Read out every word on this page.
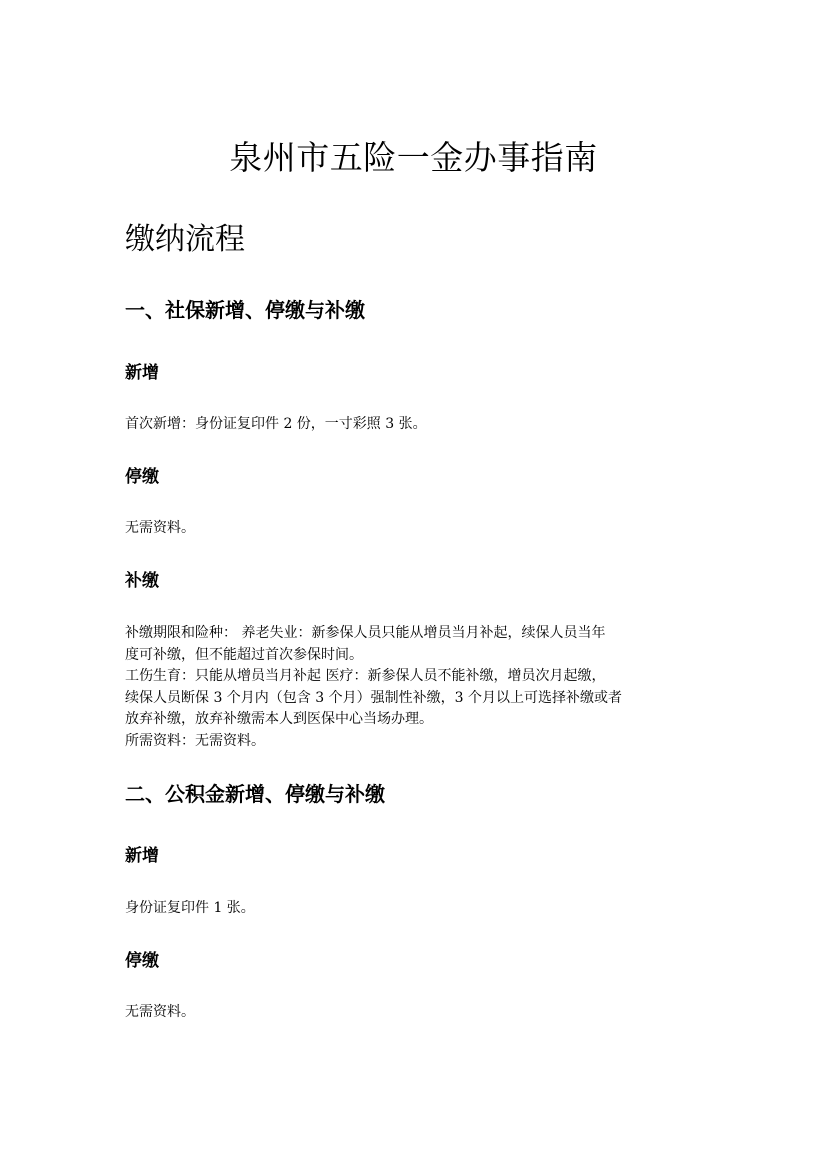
泉州市五险一金办事指南
缴纳流程
一、社保新增、停缴与补缴
新增

首次新增：身份证复印件 2 份，一寸彩照 3 张。

停缴

无需资料。

补缴
补缴期限和险种： 养老失业：新参保人员只能从增员当月补起，续保人员当年
度可补缴，但不能超过首次参保时间。
工伤生育：只能从增员当月补起 医疗：新参保人员不能补缴，增员次月起缴，
续保人员断保 3 个月内（包含 3 个月）强制性补缴，3 个月以上可选择补缴或者
放弃补缴，放弃补缴需本人到医保中心当场办理。
所需资料：无需资料。
二、公积金新增、停缴与补缴
新增

身份证复印件 1 张。

停缴

无需资料。
